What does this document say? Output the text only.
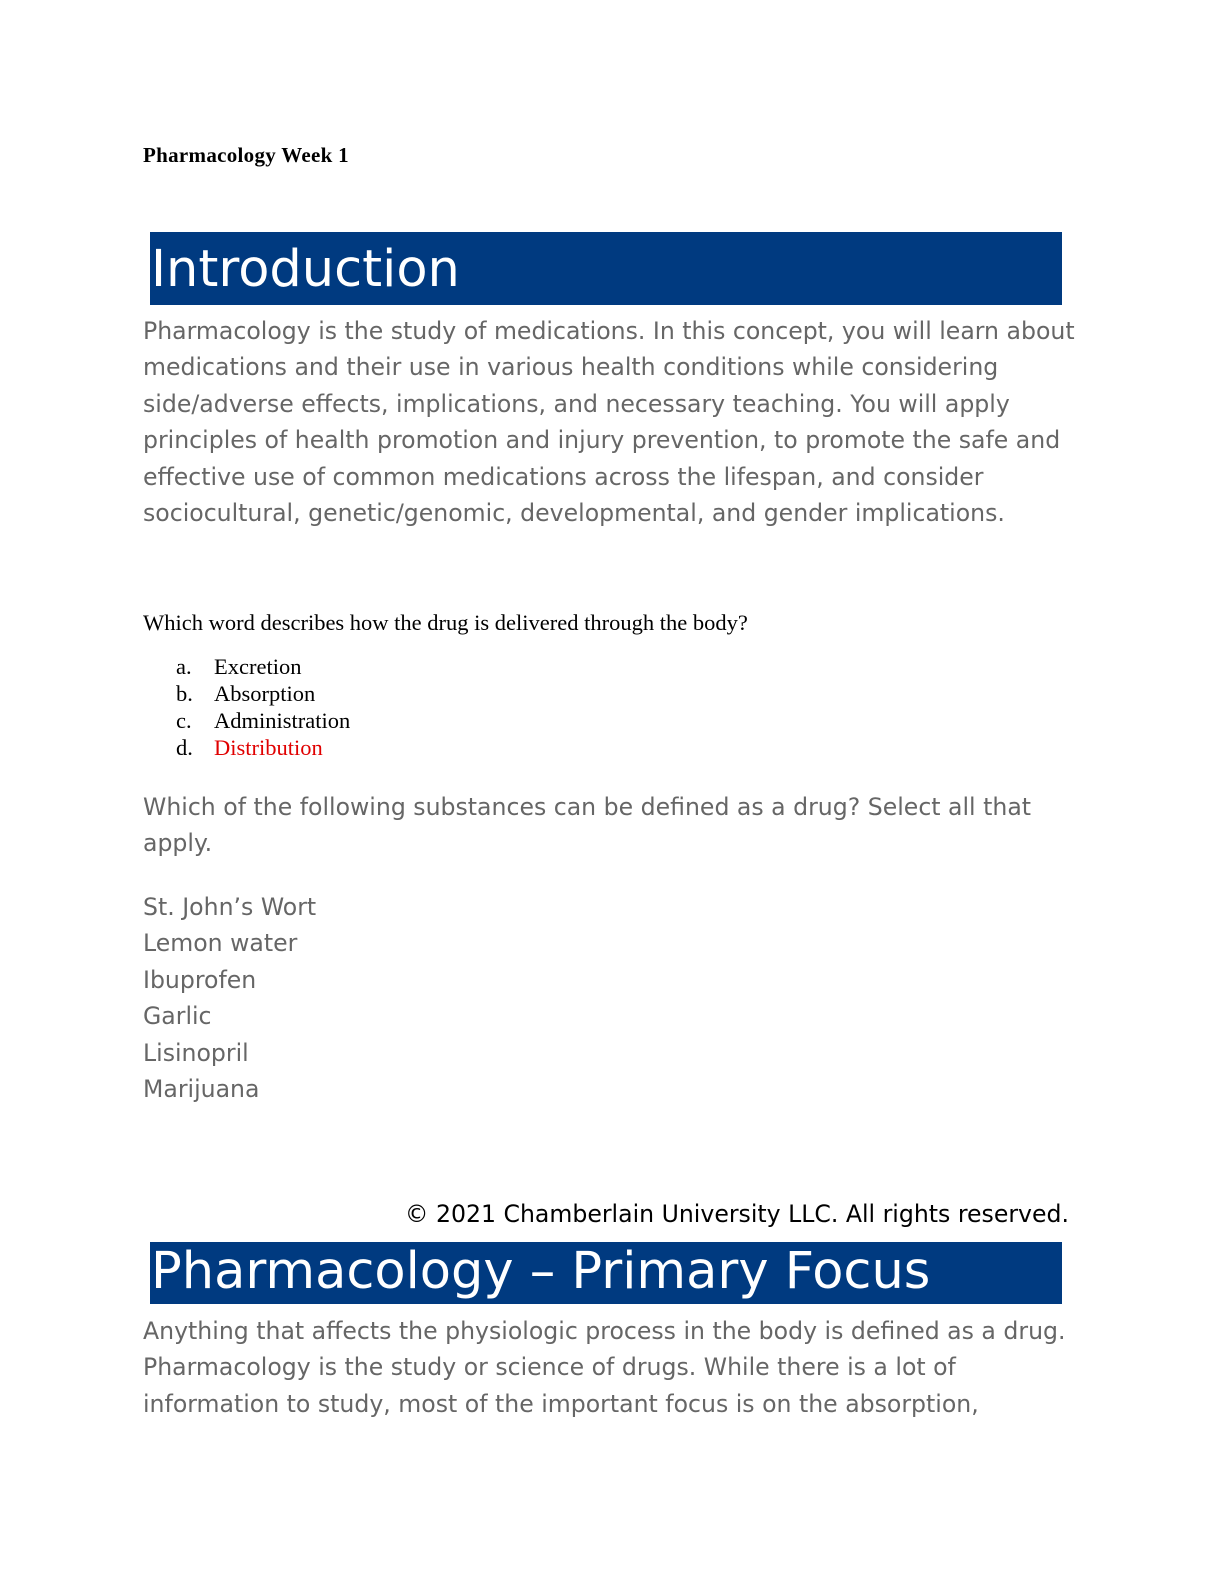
Pharmacology Week 1
Introduction
Pharmacology is the study of medications. In this concept, you will learn about medications and their use in various health conditions while considering side/adverse effects, implications, and necessary teaching. You will apply principles of health promotion and injury prevention, to promote the safe and effective use of common medications across the lifespan, and consider sociocultural, genetic/genomic, developmental, and gender implications.
Which word describes how the drug is delivered through the body?
a. Excretion
b. Absorption
c. Administration
d. Distribution
Which of the following substances can be defined as a drug? Select all that apply.
St. John’s Wort
Lemon water
Ibuprofen
Garlic
Lisinopril
Marijuana
© 2021 Chamberlain University LLC. All rights reserved.
Pharmacology – Primary Focus
Anything that affects the physiologic process in the body is defined as a drug. Pharmacology is the study or science of drugs. While there is a lot of information to study, most of the important focus is on the absorption,
